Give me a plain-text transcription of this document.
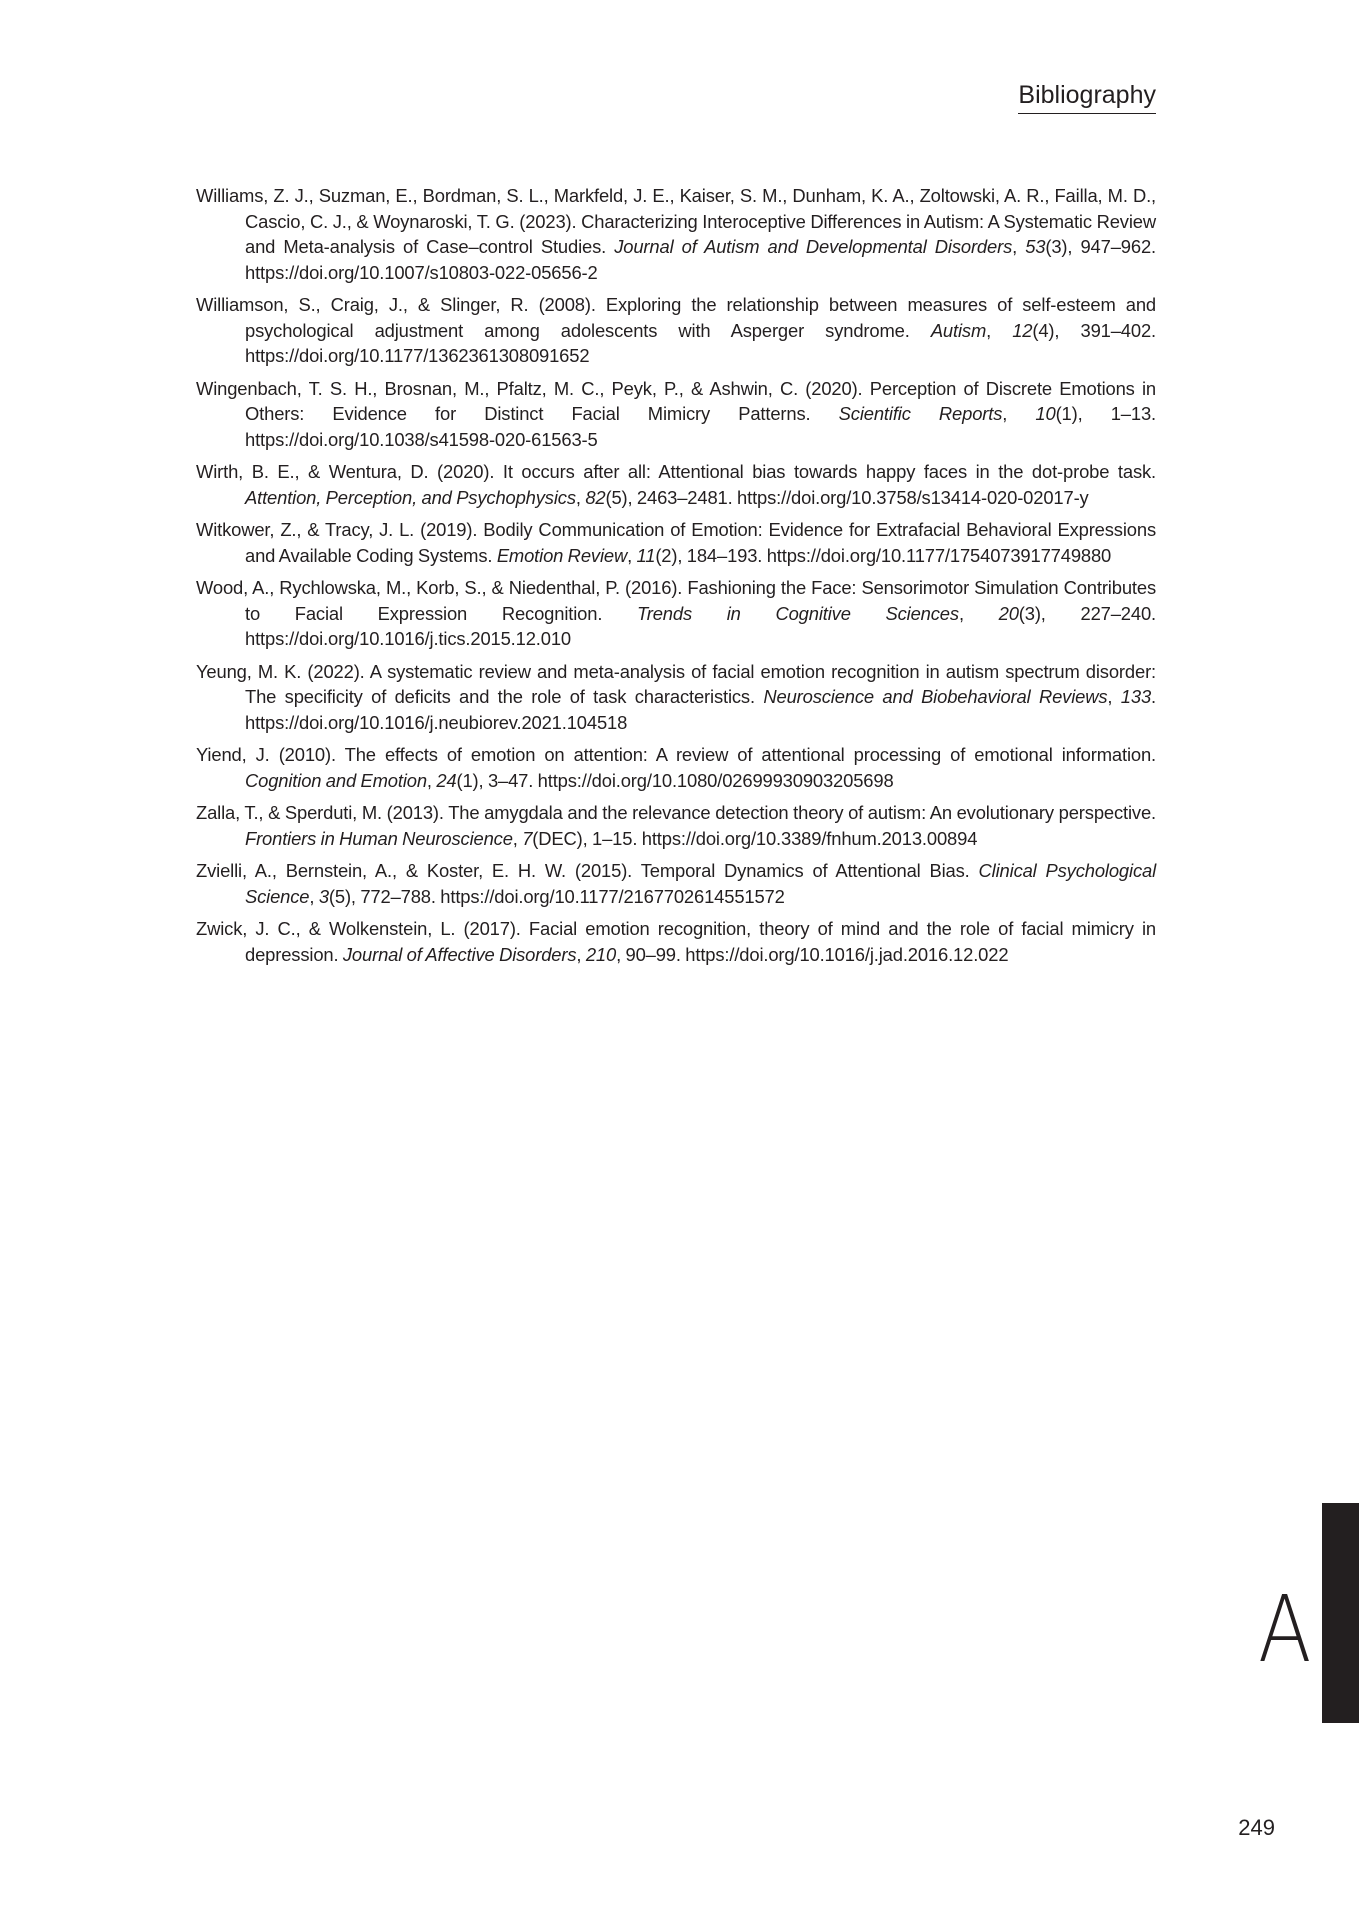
Bibliography
Williams, Z. J., Suzman, E., Bordman, S. L., Markfeld, J. E., Kaiser, S. M., Dunham, K. A., Zoltowski, A. R., Failla, M. D., Cascio, C. J., & Woynaroski, T. G. (2023). Characterizing Interoceptive Differences in Autism: A Systematic Review and Meta-analysis of Case–control Studies. Journal of Autism and Developmental Disorders, 53(3), 947–962. https://doi.org/10.1007/s10803-022-05656-2
Williamson, S., Craig, J., & Slinger, R. (2008). Exploring the relationship between measures of self-esteem and psychological adjustment among adolescents with Asperger syndrome. Autism, 12(4), 391–402. https://doi.org/10.1177/1362361308091652
Wingenbach, T. S. H., Brosnan, M., Pfaltz, M. C., Peyk, P., & Ashwin, C. (2020). Perception of Discrete Emotions in Others: Evidence for Distinct Facial Mimicry Patterns. Scientific Reports, 10(1), 1–13. https://doi.org/10.1038/s41598-020-61563-5
Wirth, B. E., & Wentura, D. (2020). It occurs after all: Attentional bias towards happy faces in the dot-probe task. Attention, Perception, and Psychophysics, 82(5), 2463–2481. https://doi.org/10.3758/s13414-020-02017-y
Witkower, Z., & Tracy, J. L. (2019). Bodily Communication of Emotion: Evidence for Extrafacial Behavioral Expressions and Available Coding Systems. Emotion Review, 11(2), 184–193. https://doi.org/10.1177/1754073917749880
Wood, A., Rychlowska, M., Korb, S., & Niedenthal, P. (2016). Fashioning the Face: Sensorimotor Simulation Contributes to Facial Expression Recognition. Trends in Cognitive Sciences, 20(3), 227–240. https://doi.org/10.1016/j.tics.2015.12.010
Yeung, M. K. (2022). A systematic review and meta-analysis of facial emotion recognition in autism spectrum disorder: The specificity of deficits and the role of task characteristics. Neuroscience and Biobehavioral Reviews, 133. https://doi.org/10.1016/j.neubiorev.2021.104518
Yiend, J. (2010). The effects of emotion on attention: A review of attentional processing of emotional information. Cognition and Emotion, 24(1), 3–47. https://doi.org/10.1080/02699930903205698
Zalla, T., & Sperduti, M. (2013). The amygdala and the relevance detection theory of autism: An evolutionary perspective. Frontiers in Human Neuroscience, 7(DEC), 1–15. https://doi.org/10.3389/fnhum.2013.00894
Zvielli, A., Bernstein, A., & Koster, E. H. W. (2015). Temporal Dynamics of Attentional Bias. Clinical Psychological Science, 3(5), 772–788. https://doi.org/10.1177/2167702614551572
Zwick, J. C., & Wolkenstein, L. (2017). Facial emotion recognition, theory of mind and the role of facial mimicry in depression. Journal of Affective Disorders, 210, 90–99. https://doi.org/10.1016/j.jad.2016.12.022
A
249
